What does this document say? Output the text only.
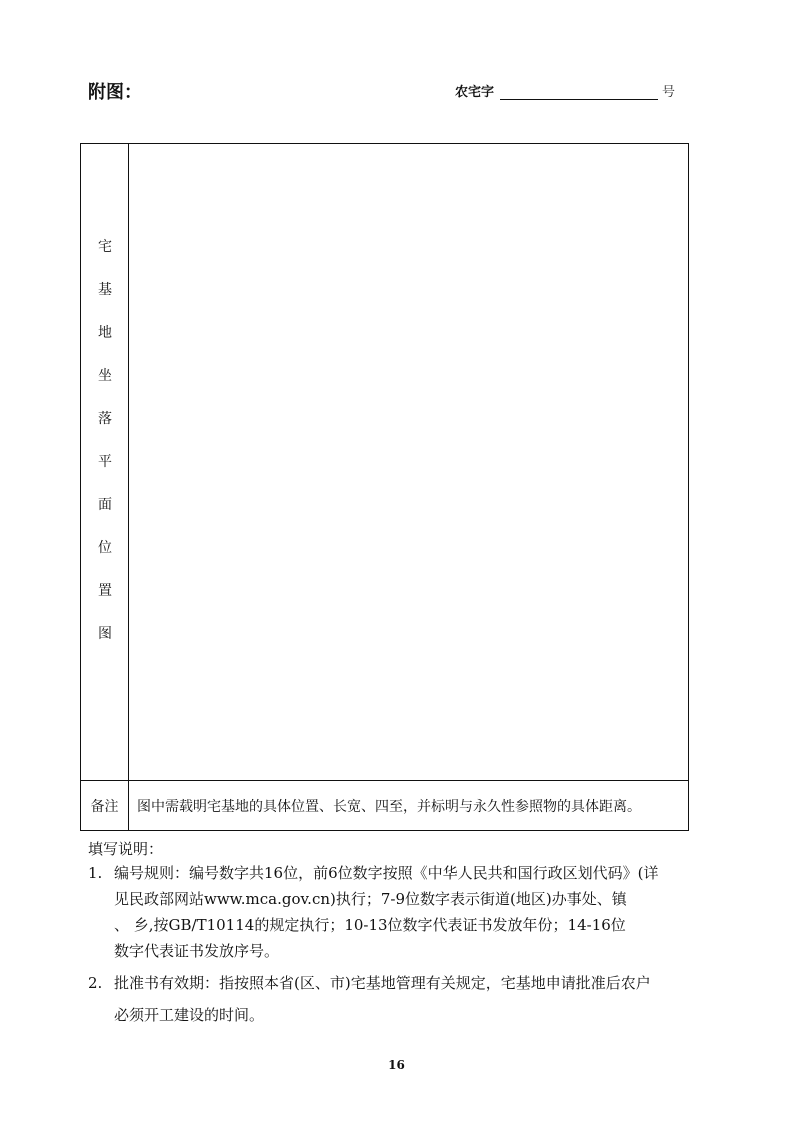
附图：	农宅字	号
宅
基
地
坐
落
平
面
位
置
图
备注	图中需载明宅基地的具体位置、长宽、四至，并标明与永久性参照物的具体距离。
填写说明：
1. 编号规则：编号数字共16位，前6位数字按照《中华人民共和国行政区划代码》(详
见民政部网站www.mca.gov.cn)执行；7-9位数字表示街道(地区)办事处、镇
、 乡,按GB/T10114的规定执行；10-13位数字代表证书发放年份；14-16位
数字代表证书发放序号。
2. 批准书有效期：指按照本省(区、市)宅基地管理有关规定，宅基地申请批准后农户
必须开工建设的时间。
16
